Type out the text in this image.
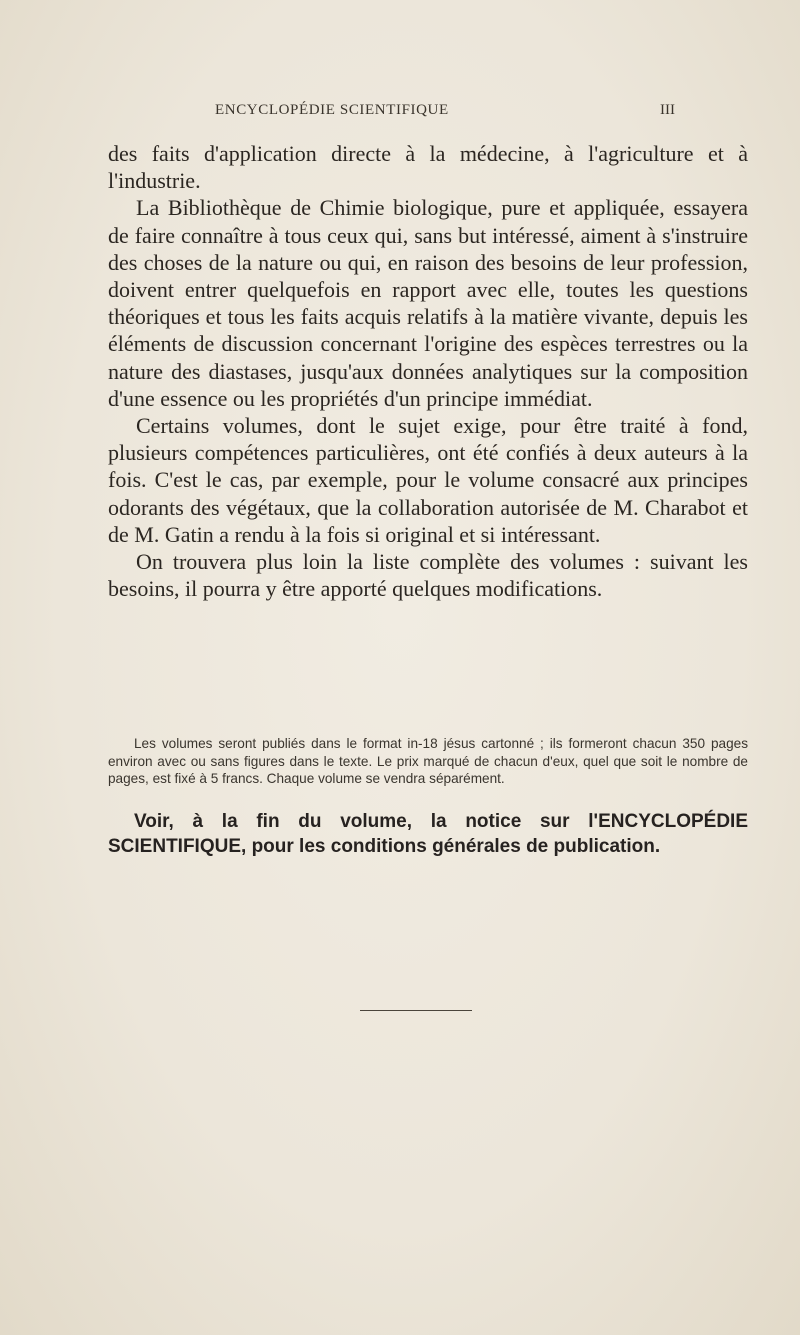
ENCYCLOPÉDIE SCIENTIFIQUE	III

des faits d'application directe à la médecine, à l'agriculture et à l'industrie.

La Bibliothèque de Chimie biologique, pure et appliquée, essayera de faire connaître à tous ceux qui, sans but intéressé, aiment à s'instruire des choses de la nature ou qui, en raison des besoins de leur profession, doivent entrer quelquefois en rapport avec elle, toutes les questions théoriques et tous les faits acquis relatifs à la matière vivante, depuis les éléments de discussion concernant l'origine des espèces terrestres ou la nature des diastases, jusqu'aux données analytiques sur la composition d'une essence ou les propriétés d'un principe immédiat.

Certains volumes, dont le sujet exige, pour être traité à fond, plusieurs compétences particulières, ont été confiés à deux auteurs à la fois. C'est le cas, par exemple, pour le volume consacré aux principes odorants des végétaux, que la collaboration autorisée de M. Charabot et de M. Gatin a rendu à la fois si original et si intéressant.

On trouvera plus loin la liste complète des volumes : suivant les besoins, il pourra y être apporté quelques modifications.

Les volumes seront publiés dans le format in-18 jésus cartonné ; ils formeront chacun 350 pages environ avec ou sans figures dans le texte. Le prix marqué de chacun d'eux, quel que soit le nombre de pages, est fixé à 5 francs. Chaque volume se vendra séparément.

Voir, à la fin du volume, la notice sur l'ENCYCLOPÉDIE SCIENTIFIQUE, pour les conditions générales de publication.
